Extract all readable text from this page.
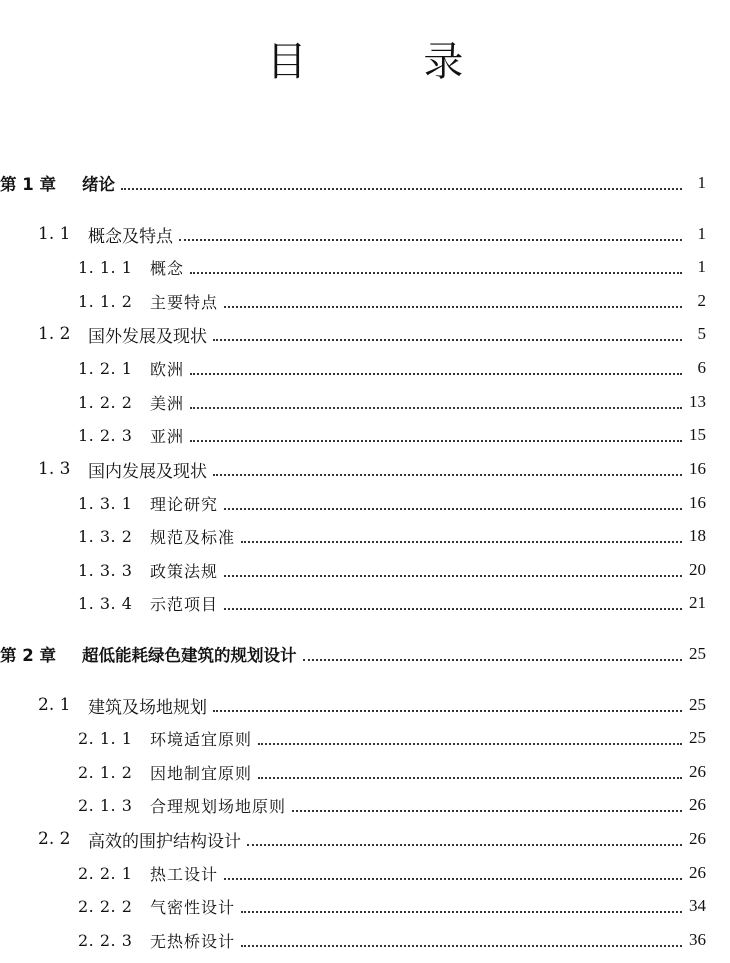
目 录
第 1 章	绪论	1
1. 1	概念及特点	1
1. 1. 1	概念	1
1. 1. 2	主要特点	2
1. 2	国外发展及现状	5
1. 2. 1	欧洲	6
1. 2. 2	美洲	13
1. 2. 3	亚洲	15
1. 3	国内发展及现状	16
1. 3. 1	理论研究	16
1. 3. 2	规范及标准	18
1. 3. 3	政策法规	20
1. 3. 4	示范项目	21
第 2 章	超低能耗绿色建筑的规划设计	25
2. 1	建筑及场地规划	25
2. 1. 1	环境适宜原则	25
2. 1. 2	因地制宜原则	26
2. 1. 3	合理规划场地原则	26
2. 2	高效的围护结构设计	26
2. 2. 1	热工设计	26
2. 2. 2	气密性设计	34
2. 2. 3	无热桥设计	36
